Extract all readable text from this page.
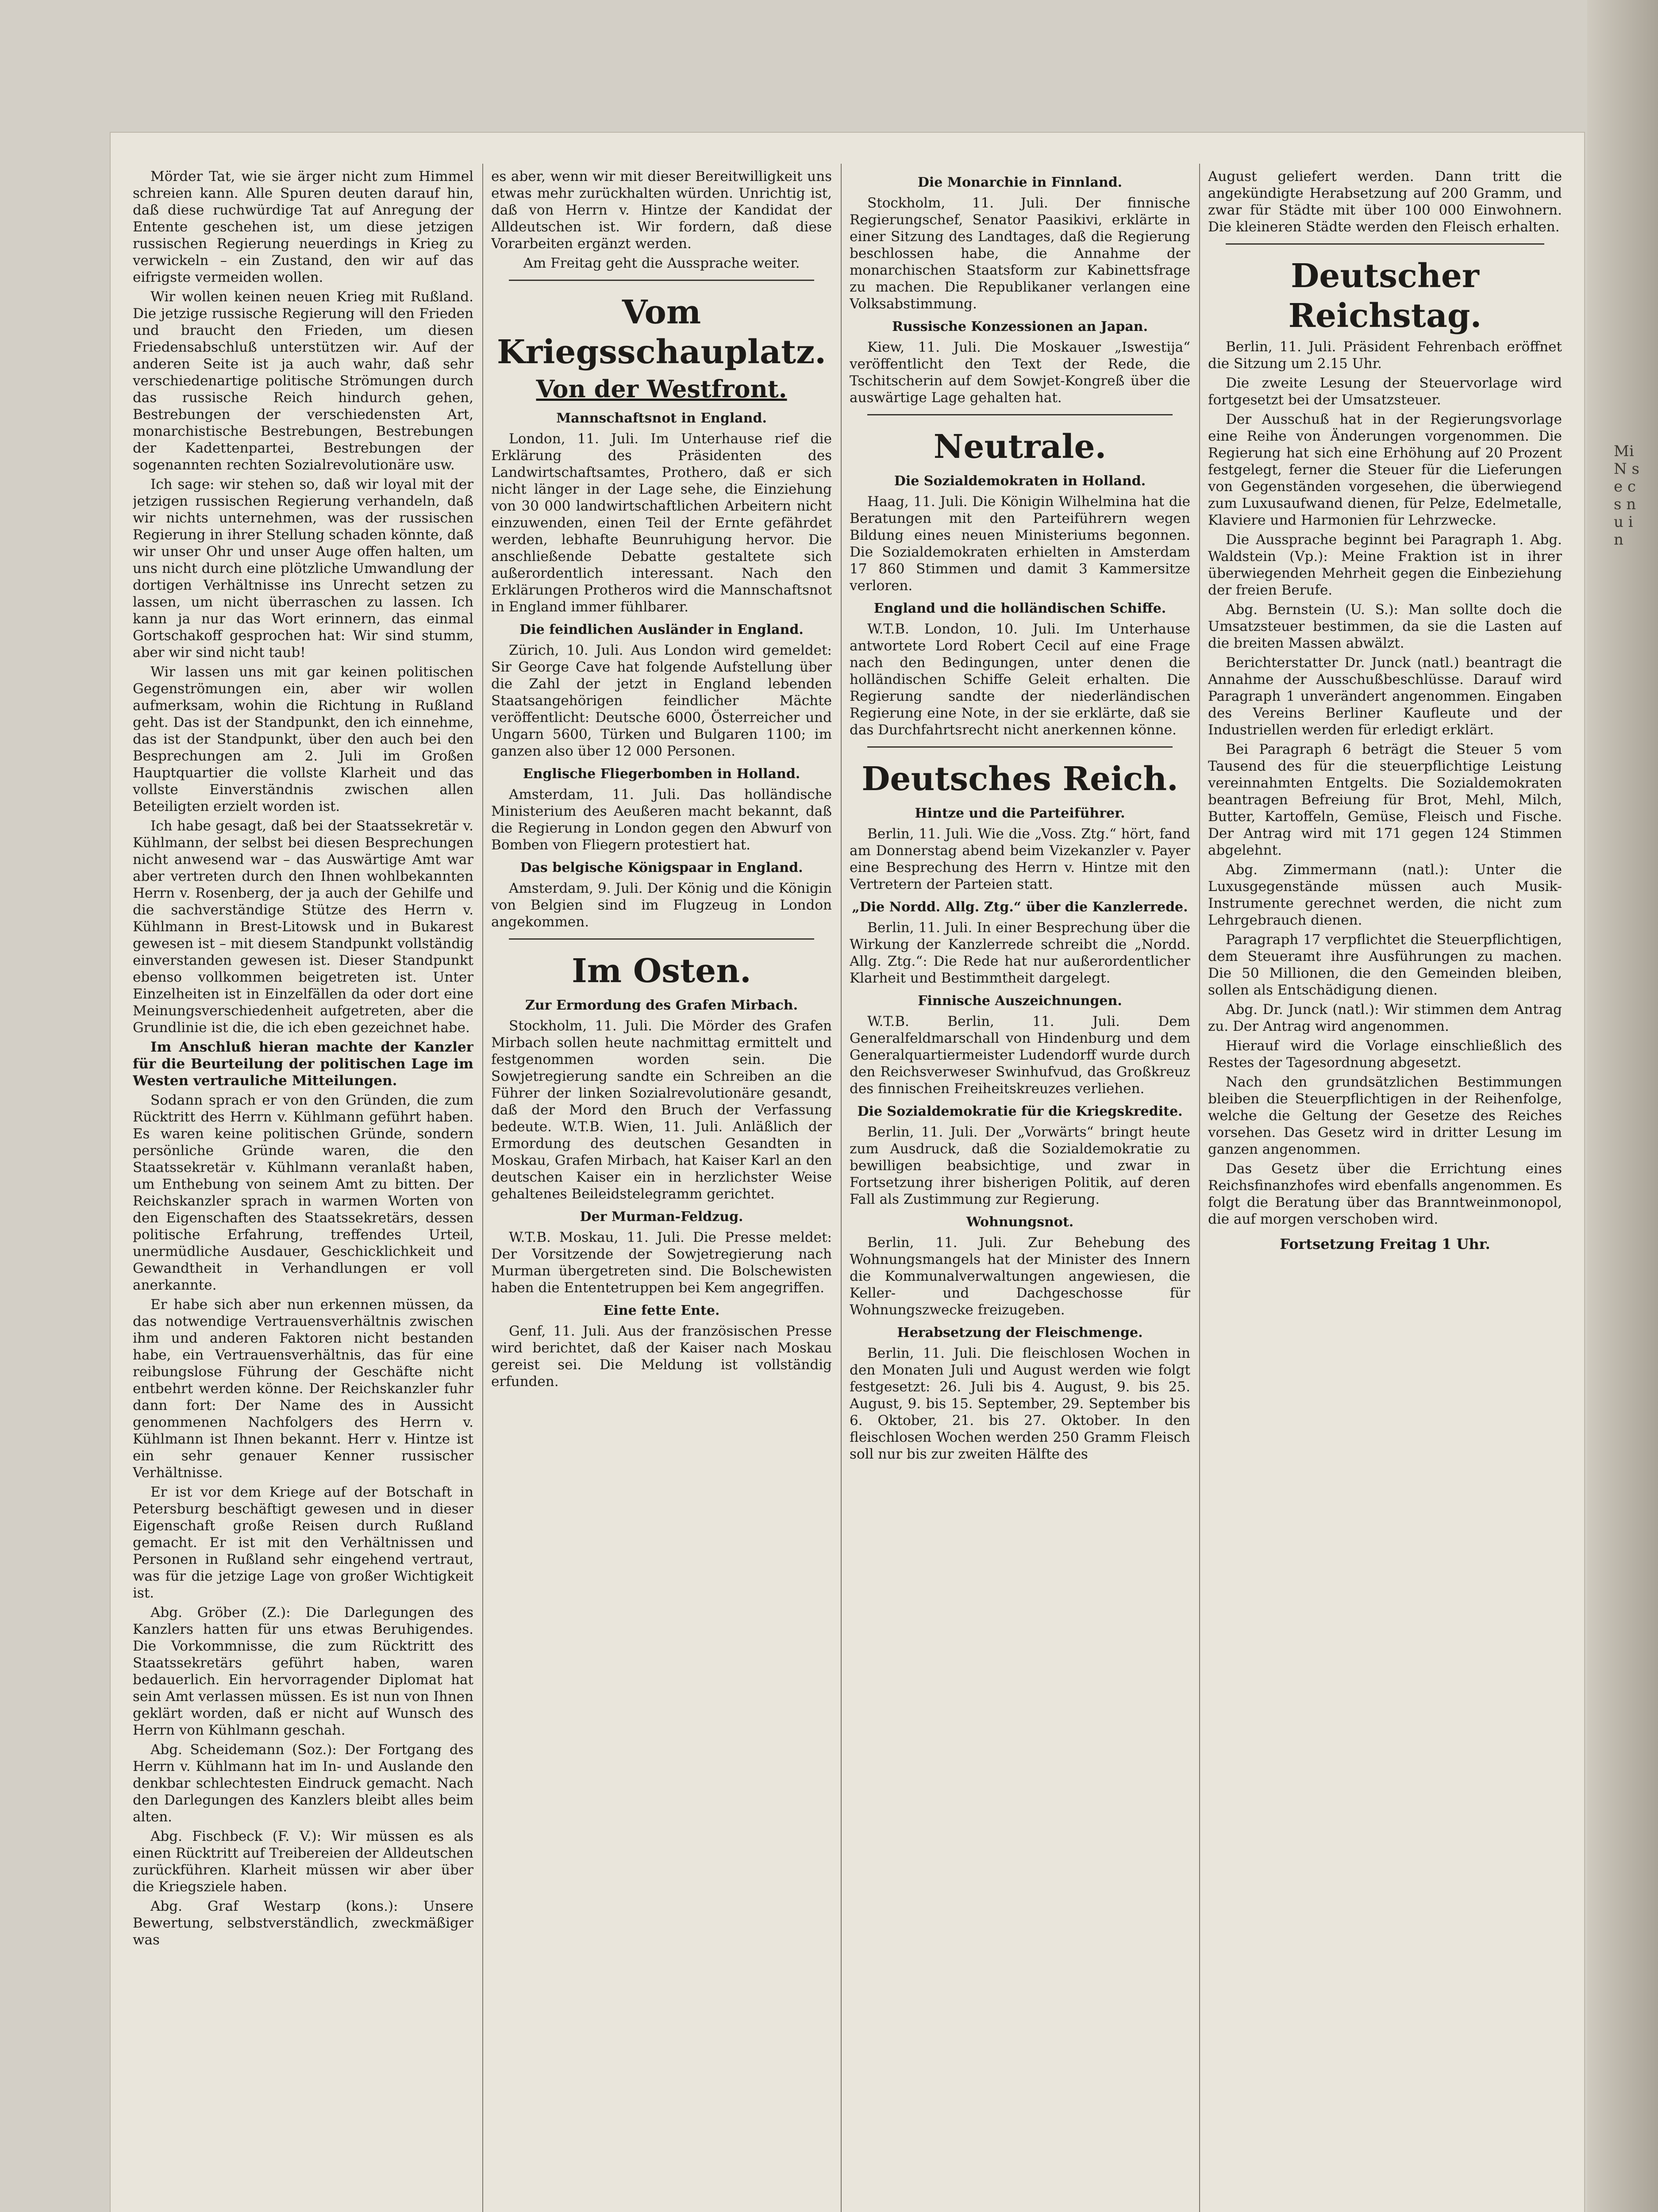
Mörder Tat, wie sie ärger nicht zum Himmel schreien kann. Alle Spuren deuten darauf hin, daß diese ruchwürdige Tat auf Anregung der Entente geschehen ist, um diese jetzigen russischen Regierung neuerdings in Krieg zu verwickeln – ein Zustand, den wir auf das eifrigste vermeiden wollen.

Wir wollen keinen neuen Krieg mit Rußland. Die jetzige russische Regierung will den Frieden und braucht den Frieden, um diesen Friedensabschluß unterstützen wir. Auf der anderen Seite ist ja auch wahr, daß sehr verschiedenartige politische Strömungen durch das russische Reich hindurch gehen, Bestrebungen der verschiedensten Art, monarchistische Bestrebungen, Bestrebungen der Kadettenpartei, Bestrebungen der sogenannten rechten Sozialrevolutionäre usw.

Ich sage: wir stehen so, daß wir loyal mit der jetzigen russischen Regierung verhandeln, daß wir nichts unternehmen, was der russischen Regierung in ihrer Stellung schaden könnte, daß wir unser Ohr und unser Auge offen halten, um uns nicht durch eine plötzliche Umwandlung der dortigen Verhältnisse ins Unrecht setzen zu lassen, um nicht überraschen zu lassen. Ich kann ja nur das Wort erinnern, das einmal Gortschakoff gesprochen hat: Wir sind stumm, aber wir sind nicht taub!

Wir lassen uns mit gar keinen politischen Gegenströmungen ein, aber wir wollen aufmerksam, wohin die Richtung in Rußland geht. Das ist der Standpunkt, den ich einnehme, das ist der Standpunkt, über den auch bei den Besprechungen am 2. Juli im Großen Hauptquartier die vollste Klarheit und das vollste Einverständnis zwischen allen Beteiligten erzielt worden ist.

Ich habe gesagt, daß bei der Staatssekretär v. Kühlmann, der selbst bei diesen Besprechungen nicht anwesend war – das Auswärtige Amt war aber vertreten durch den Ihnen wohlbekannten Herrn v. Rosenberg, der ja auch der Gehilfe und die sachverständige Stütze des Herrn v. Kühlmann in Brest-Litowsk und in Bukarest gewesen ist – mit diesem Standpunkt vollständig einverstanden gewesen ist. Dieser Standpunkt ebenso vollkommen beigetreten ist. Unter Einzelheiten ist in Einzelfällen da oder dort eine Meinungsverschiedenheit aufgetreten, aber die Grundlinie ist die, die ich eben gezeichnet habe.

Im Anschluß hieran machte der Kanzler für die Beurteilung der politischen Lage im Westen vertrauliche Mitteilungen.

Sodann sprach er von den Gründen, die zum Rücktritt des Herrn v. Kühlmann geführt haben. Es waren keine politischen Gründe, sondern persönliche Gründe waren, die den Staatssekretär v. Kühlmann veranlaßt haben, um Enthebung von seinem Amt zu bitten. Der Reichskanzler sprach in warmen Worten von den Eigenschaften des Staatssekretärs, dessen politische Erfahrung, treffendes Urteil, unermüdliche Ausdauer, Geschicklichkeit und Gewandtheit in Verhandlungen er voll anerkannte.

Er habe sich aber nun erkennen müssen, da das notwendige Vertrauensverhältnis zwischen ihm und anderen Faktoren nicht bestanden habe, ein Vertrauensverhältnis, das für eine reibungslose Führung der Geschäfte nicht entbehrt werden könne. Der Reichskanzler fuhr dann fort: Der Name des in Aussicht genommenen Nachfolgers des Herrn v. Kühlmann ist Ihnen bekannt. Herr v. Hintze ist ein sehr genauer Kenner russischer Verhältnisse.

Er ist vor dem Kriege auf der Botschaft in Petersburg beschäftigt gewesen und in dieser Eigenschaft große Reisen durch Rußland gemacht. Er ist mit den Verhältnissen und Personen in Rußland sehr eingehend vertraut, was für die jetzige Lage von großer Wichtigkeit ist.

Abg. Gröber (Z.): Die Darlegungen des Kanzlers hatten für uns etwas Beruhigendes. Die Vorkommnisse, die zum Rücktritt des Staatssekretärs geführt haben, waren bedauerlich. Ein hervorragender Diplomat hat sein Amt verlassen müssen. Es ist nun von Ihnen geklärt worden, daß er nicht auf Wunsch des Herrn von Kühlmann geschah.

Abg. Scheidemann (Soz.): Der Fortgang des Herrn v. Kühlmann hat im In- und Auslande den denkbar schlechtesten Eindruck gemacht. Nach den Darlegungen des Kanzlers bleibt alles beim alten.

Abg. Fischbeck (F. V.): Wir müssen es als einen Rücktritt auf Treibereien der Alldeutschen zurückführen. Klarheit müssen wir aber über die Kriegsziele haben.

Abg. Graf Westarp (kons.): Unsere Bewertung, selbstverständlich, zweckmäßiger was

es aber, wenn wir mit dieser Bereitwilligkeit uns etwas mehr zurückhalten würden. Unrichtig ist, daß von Herrn v. Hintze der Kandidat der Alldeutschen ist. Wir fordern, daß diese Vorarbeiten ergänzt werden.

Am Freitag geht die Aussprache weiter.

Vom Kriegsschauplatz.
Von der Westfront.
Mannschaftsnot in England.

London, 11. Juli. Im Unterhause rief die Erklärung des Präsidenten des Landwirtschaftsamtes, Prothero, daß er sich nicht länger in der Lage sehe, die Einziehung von 30 000 landwirtschaftlichen Arbeitern nicht einzuwenden, einen Teil der Ernte gefährdet werden, lebhafte Beunruhigung hervor. Die anschließende Debatte gestaltete sich außerordentlich interessant. Nach den Erklärungen Protheros wird die Mannschaftsnot in England immer fühlbarer.

Die feindlichen Ausländer in England.

Zürich, 10. Juli. Aus London wird gemeldet: Sir George Cave hat folgende Aufstellung über die Zahl der jetzt in England lebenden Staatsangehörigen feindlicher Mächte veröffentlicht: Deutsche 6000, Österreicher und Ungarn 5600, Türken und Bulgaren 1100; im ganzen also über 12 000 Personen.

Englische Fliegerbomben in Holland.

Amsterdam, 11. Juli. Das holländische Ministerium des Aeußeren macht bekannt, daß die Regierung in London gegen den Abwurf von Bomben von Fliegern protestiert hat.

Das belgische Königspaar in England.

Amsterdam, 9. Juli. Der König und die Königin von Belgien sind im Flugzeug in London angekommen.

Im Osten.
Zur Ermordung des Grafen Mirbach.

Stockholm, 11. Juli. Die Mörder des Grafen Mirbach sollen heute nachmittag ermittelt und festgenommen worden sein. Die Sowjetregierung sandte ein Schreiben an die Führer der linken Sozialrevolutionäre gesandt, daß der Mord den Bruch der Verfassung bedeute. W.T.B. Wien, 11. Juli. Anläßlich der Ermordung des deutschen Gesandten in Moskau, Grafen Mirbach, hat Kaiser Karl an den deutschen Kaiser ein in herzlichster Weise gehaltenes Beileidstelegramm gerichtet.

Der Murman-Feldzug.

W.T.B. Moskau, 11. Juli. Die Presse meldet: Der Vorsitzende der Sowjetregierung nach Murman übergetreten sind. Die Bolschewisten haben die Ententetruppen bei Kem angegriffen.

Eine fette Ente.

Genf, 11. Juli. Aus der französischen Presse wird berichtet, daß der Kaiser nach Moskau gereist sei. Die Meldung ist vollständig erfunden.

Die Monarchie in Finnland.

Stockholm, 11. Juli. Der finnische Regierungschef, Senator Paasikivi, erklärte in einer Sitzung des Landtages, daß die Regierung beschlossen habe, die Annahme der monarchischen Staatsform zur Kabinettsfrage zu machen. Die Republikaner verlangen eine Volksabstimmung.

Russische Konzessionen an Japan.

Kiew, 11. Juli. Die Moskauer „Iswestija“ veröffentlicht den Text der Rede, die Tschitscherin auf dem Sowjet-Kongreß über die auswärtige Lage gehalten hat.

Neutrale.
Die Sozialdemokraten in Holland.

Haag, 11. Juli. Die Königin Wilhelmina hat die Beratungen mit den Parteiführern wegen Bildung eines neuen Ministeriums begonnen. Die Sozialdemokraten erhielten in Amsterdam 17 860 Stimmen und damit 3 Kammersitze verloren.

England und die holländischen Schiffe.

W.T.B. London, 10. Juli. Im Unterhause antwortete Lord Robert Cecil auf eine Frage nach den Bedingungen, unter denen die holländischen Schiffe Geleit erhalten. Die Regierung sandte der niederländischen Regierung eine Note, in der sie erklärte, daß sie das Durchfahrtsrecht nicht anerkennen könne.

Deutsches Reich.
Hintze und die Parteiführer.

Berlin, 11. Juli. Wie die „Voss. Ztg.“ hört, fand am Donnerstag abend beim Vizekanzler v. Payer eine Besprechung des Herrn v. Hintze mit den Vertretern der Parteien statt.

„Die Nordd. Allg. Ztg.“ über die Kanzlerrede.

Berlin, 11. Juli. In einer Besprechung über die Wirkung der Kanzlerrede schreibt die „Nordd. Allg. Ztg.“: Die Rede hat nur außerordentlicher Klarheit und Bestimmtheit dargelegt.

Finnische Auszeichnungen.

W.T.B. Berlin, 11. Juli. Dem Generalfeldmarschall von Hindenburg und dem Generalquartiermeister Ludendorff wurde durch den Reichsverweser Swinhufvud, das Großkreuz des finnischen Freiheitskreuzes verliehen.

Die Sozialdemokratie für die Kriegskredite.

Berlin, 11. Juli. Der „Vorwärts“ bringt heute zum Ausdruck, daß die Sozialdemokratie zu bewilligen beabsichtige, und zwar in Fortsetzung ihrer bisherigen Politik, auf deren Fall als Zustimmung zur Regierung.

Wohnungsnot.

Berlin, 11. Juli. Zur Behebung des Wohnungsmangels hat der Minister des Innern die Kommunalverwaltungen angewiesen, die Keller- und Dachgeschosse für Wohnungszwecke freizugeben.

Herabsetzung der Fleischmenge.

Berlin, 11. Juli. Die fleischlosen Wochen in den Monaten Juli und August werden wie folgt festgesetzt: 26. Juli bis 4. August, 9. bis 25. August, 9. bis 15. September, 29. September bis 6. Oktober, 21. bis 27. Oktober. In den fleischlosen Wochen werden 250 Gramm Fleisch soll nur bis zur zweiten Hälfte des

August geliefert werden. Dann tritt die angekündigte Herabsetzung auf 200 Gramm, und zwar für Städte mit über 100 000 Einwohnern. Die kleineren Städte werden den Fleisch erhalten.

Deutscher Reichstag.

Berlin, 11. Juli. Präsident Fehrenbach eröffnet die Sitzung um 2.15 Uhr.

Die zweite Lesung der Steuervorlage wird fortgesetzt bei der Umsatzsteuer.

Der Ausschuß hat in der Regierungsvorlage eine Reihe von Änderungen vorgenommen. Die Regierung hat sich eine Erhöhung auf 20 Prozent festgelegt, ferner die Steuer für die Lieferungen von Gegenständen vorgesehen, die überwiegend zum Luxusaufwand dienen, für Pelze, Edelmetalle, Klaviere und Harmonien für Lehrzwecke.

Die Aussprache beginnt bei Paragraph 1. Abg. Waldstein (Vp.): Meine Fraktion ist in ihrer überwiegenden Mehrheit gegen die Einbeziehung der freien Berufe.

Abg. Bernstein (U. S.): Man sollte doch die Umsatzsteuer bestimmen, da sie die Lasten auf die breiten Massen abwälzt.

Berichterstatter Dr. Junck (natl.) beantragt die Annahme der Ausschußbeschlüsse. Darauf wird Paragraph 1 unverändert angenommen. Eingaben des Vereins Berliner Kaufleute und der Industriellen werden für erledigt erklärt.

Bei Paragraph 6 beträgt die Steuer 5 vom Tausend des für die steuerpflichtige Leistung vereinnahmten Entgelts. Die Sozialdemokraten beantragen Befreiung für Brot, Mehl, Milch, Butter, Kartoffeln, Gemüse, Fleisch und Fische. Der Antrag wird mit 171 gegen 124 Stimmen abgelehnt.

Abg. Zimmermann (natl.): Unter die Luxusgegenstände müssen auch Musik-Instrumente gerechnet werden, die nicht zum Lehrgebrauch dienen.

Paragraph 17 verpflichtet die Steuerpflichtigen, dem Steueramt ihre Ausführungen zu machen. Die 50 Millionen, die den Gemeinden bleiben, sollen als Entschädigung dienen.

Abg. Dr. Junck (natl.): Wir stimmen dem Antrag zu. Der Antrag wird angenommen.

Hierauf wird die Vorlage einschließlich des Restes der Tagesordnung abgesetzt.

Nach den grundsätzlichen Bestimmungen bleiben die Steuerpflichtigen in der Reihenfolge, welche die Geltung der Gesetze des Reiches vorsehen. Das Gesetz wird in dritter Lesung im ganzen angenommen.

Das Gesetz über die Errichtung eines Reichsfinanzhofes wird ebenfalls angenommen. Es folgt die Beratung über das Branntweinmonopol, die auf morgen verschoben wird.

Fortsetzung Freitag 1 Uhr.
Mi N s e c s n u i n
